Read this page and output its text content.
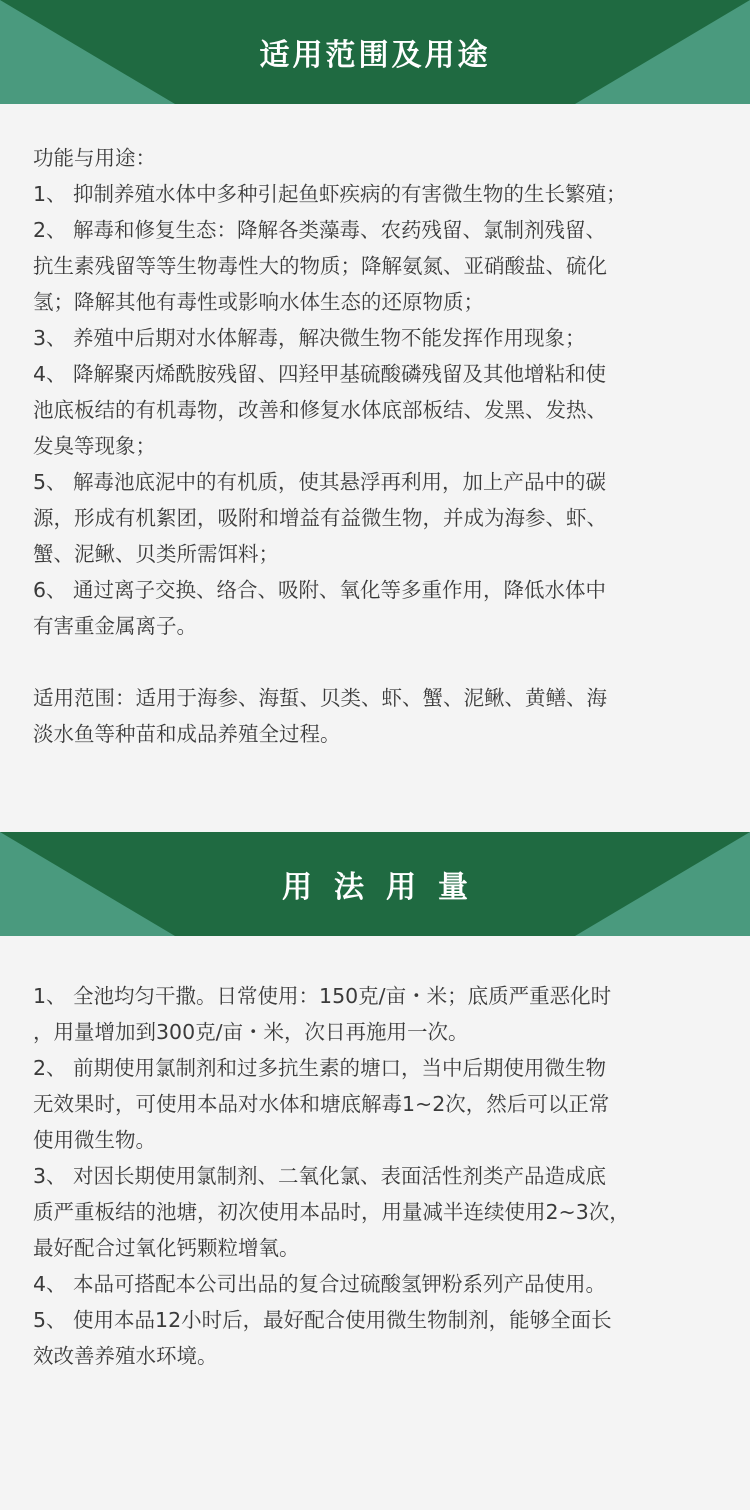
适用范围及用途

功能与用途：

1、 抑制养殖水体中多种引起鱼虾疾病的有害微生物的生长繁殖；

2、 解毒和修复生态：降解各类藻毒、农药残留、氯制剂残留、

抗生素残留等等生物毒性大的物质；降解氨氮、亚硝酸盐、硫化

氢；降解其他有毒性或影响水体生态的还原物质；

3、 养殖中后期对水体解毒，解决微生物不能发挥作用现象；

4、 降解聚丙烯酰胺残留、四羟甲基硫酸磷残留及其他增粘和使

池底板结的有机毒物，改善和修复水体底部板结、发黑、发热、

发臭等现象；

5、 解毒池底泥中的有机质，使其悬浮再利用，加上产品中的碳

源，形成有机絮团，吸附和增益有益微生物，并成为海参、虾、

蟹、泥鳅、贝类所需饵料；

6、 通过离子交换、络合、吸附、氧化等多重作用，降低水体中

有害重金属离子。

适用范围：适用于海参、海蜇、贝类、虾、蟹、泥鳅、黄鳝、海

淡水鱼等种苗和成品养殖全过程。

用法用量

1、 全池均匀干撒。日常使用：150克/亩・米；底质严重恶化时

，用量增加到300克/亩・米，次日再施用一次。

2、 前期使用氯制剂和过多抗生素的塘口，当中后期使用微生物

无效果时，可使用本品对水体和塘底解毒1~2次，然后可以正常

使用微生物。

3、 对因长期使用氯制剂、二氧化氯、表面活性剂类产品造成底

质严重板结的池塘，初次使用本品时，用量减半连续使用2~3次，

最好配合过氧化钙颗粒增氧。

4、 本品可搭配本公司出品的复合过硫酸氢钾粉系列产品使用。

5、 使用本品12小时后，最好配合使用微生物制剂，能够全面长

效改善养殖水环境。
